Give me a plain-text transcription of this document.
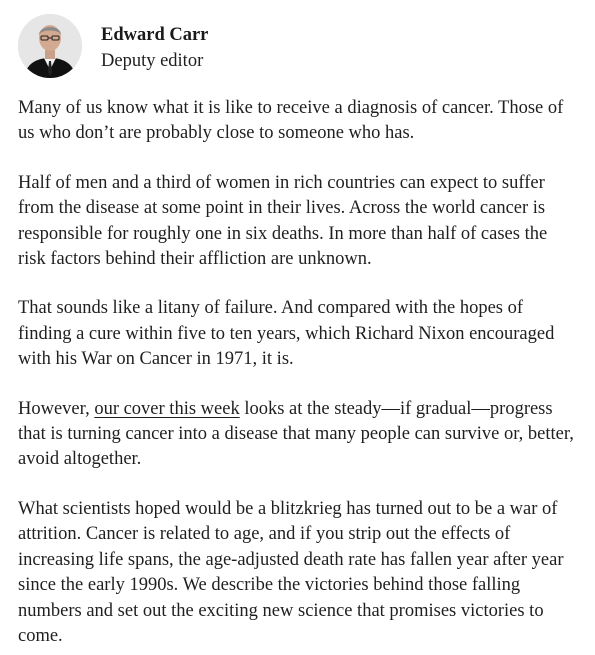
Edward Carr
Deputy editor

Many of us know what it is like to receive a diagnosis of cancer. Those of us who don’t are probably close to someone who has.

Half of men and a third of women in rich countries can expect to suffer from the disease at some point in their lives. Across the world cancer is responsible for roughly one in six deaths. In more than half of cases the risk factors behind their affliction are unknown.

That sounds like a litany of failure. And compared with the hopes of finding a cure within five to ten years, which Richard Nixon encouraged with his War on Cancer in 1971, it is.

However, our cover this week looks at the steady—if gradual—progress that is turning cancer into a disease that many people can survive or, better, avoid altogether.

What scientists hoped would be a blitzkrieg has turned out to be a war of attrition. Cancer is related to age, and if you strip out the effects of increasing life spans, the age-adjusted death rate has fallen year after year since the early 1990s. We describe the victories behind those falling numbers and set out the exciting new science that promises victories to come.
